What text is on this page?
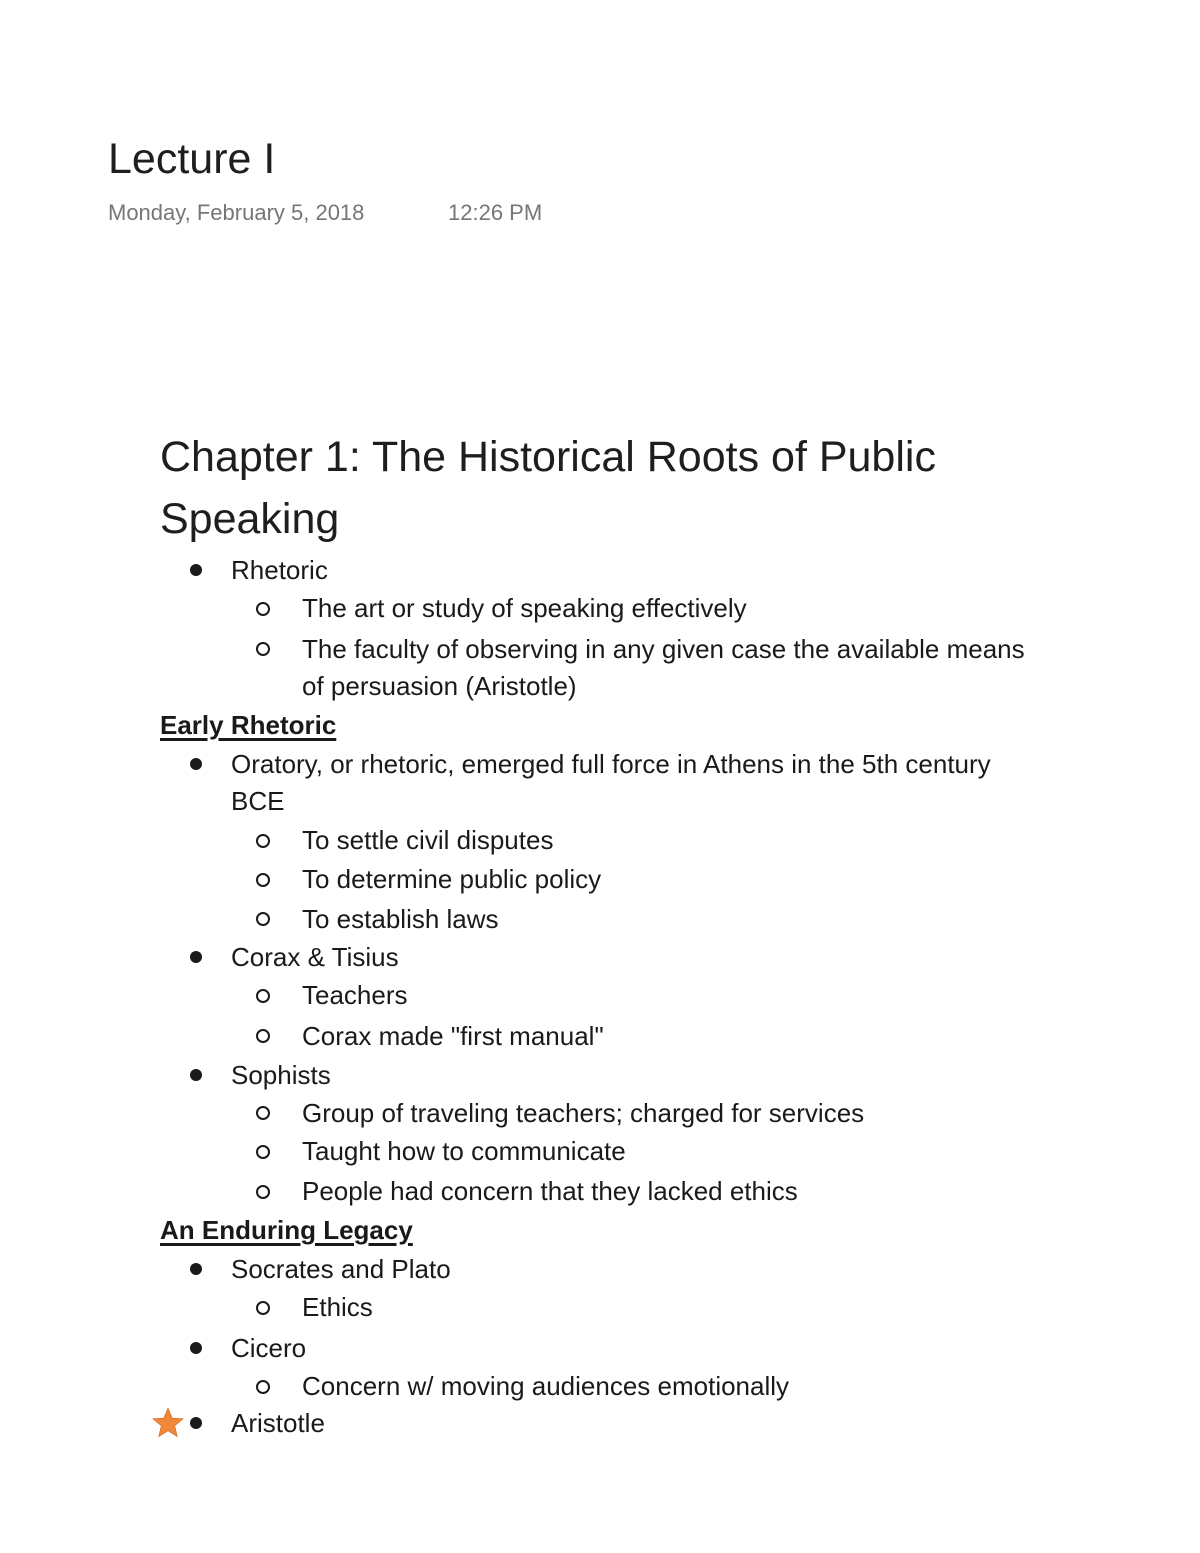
Lecture I
Monday, February 5, 2018	12:26 PM
Chapter 1: The Historical Roots of Public Speaking
Rhetoric
The art or study of speaking effectively
The faculty of observing in any given case the available means
of persuasion (Aristotle)
Early Rhetoric
Oratory, or rhetoric, emerged full force in Athens in the 5th century
BCE
To settle civil disputes
To determine public policy
To establish laws
Corax & Tisius
Teachers
Corax made "first manual"
Sophists
Group of traveling teachers; charged for services
Taught how to communicate
People had concern that they lacked ethics
An Enduring Legacy
Socrates and Plato
Ethics
Cicero
Concern w/ moving audiences emotionally
Aristotle
